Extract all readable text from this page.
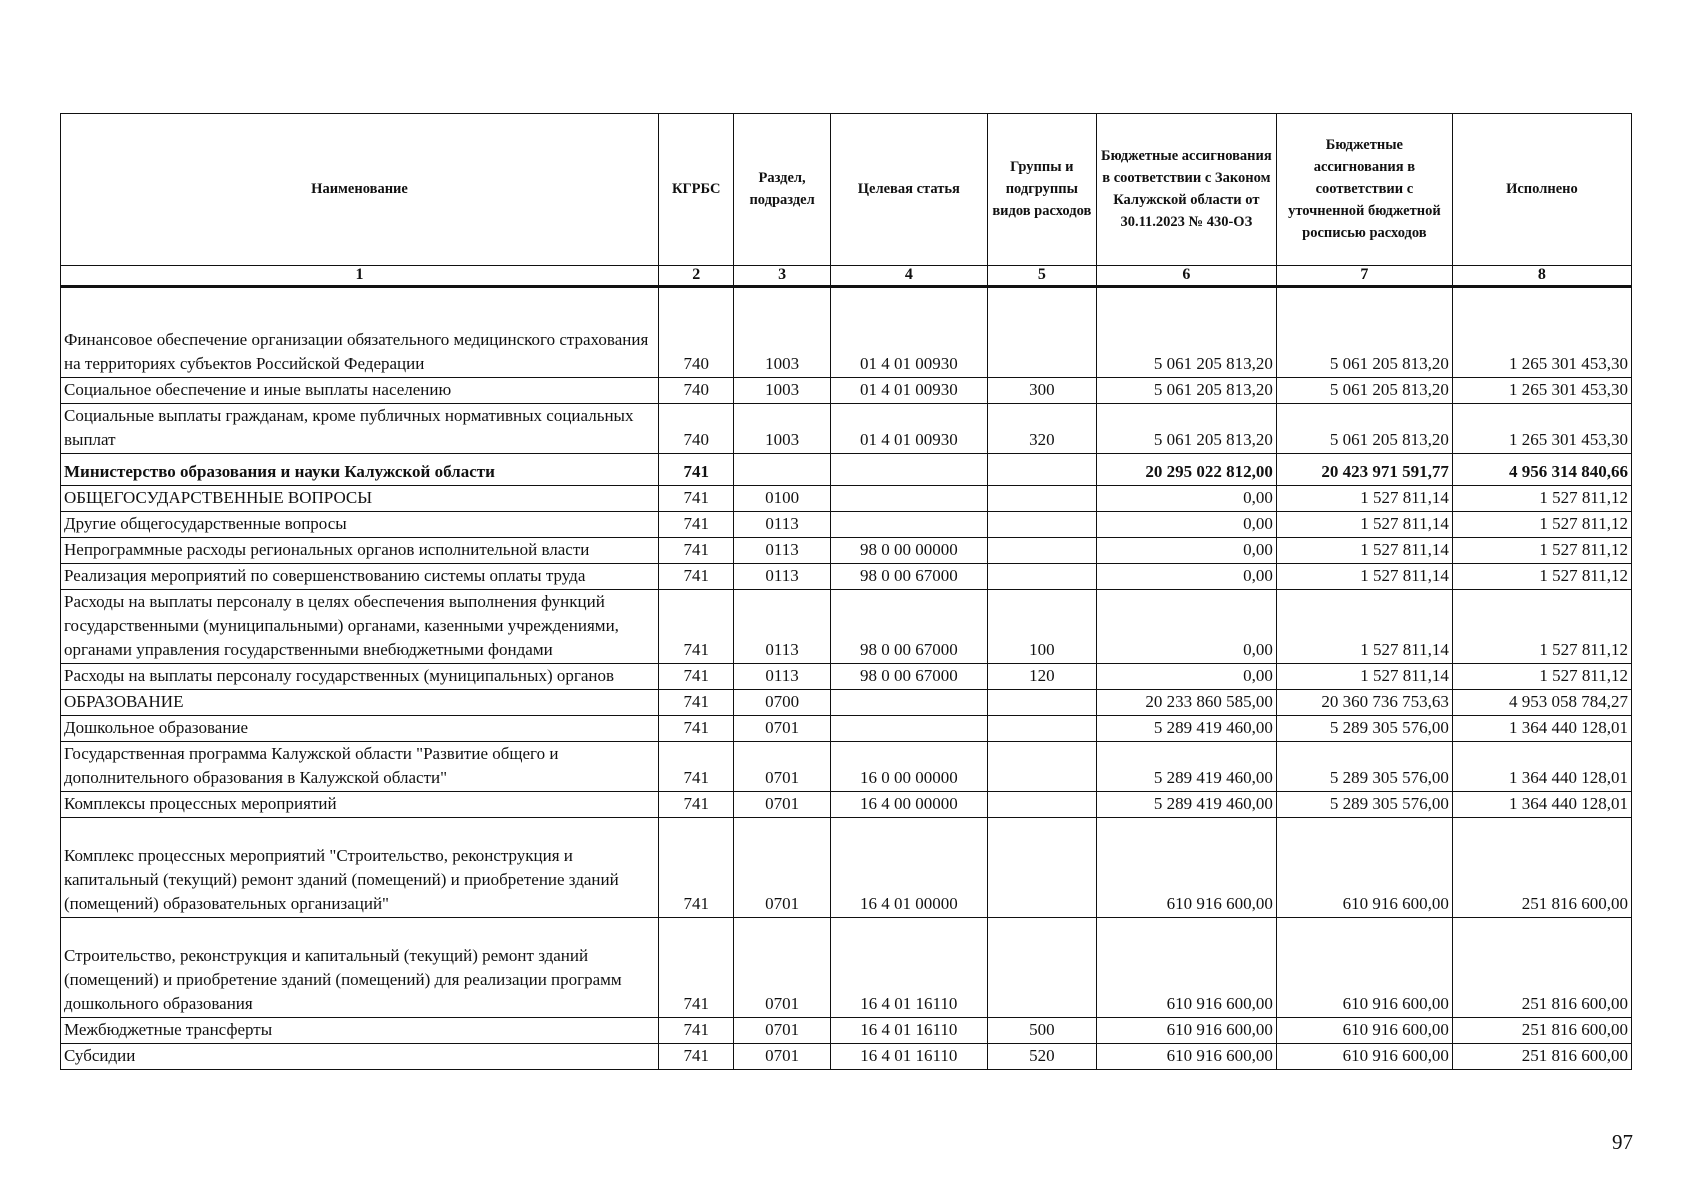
Наименование	КГРБС	Раздел, подраздел	Целевая статья	Группы и подгруппы видов расходов	Бюджетные ассигнования в соответствии с Законом Калужской области от 30.11.2023 № 430-ОЗ	Бюджетные ассигнования в соответствии с уточненной бюджетной росписью расходов	Исполнено
1	2	3	4	5	6	7	8
Финансовое обеспечение организации обязательного медицинского страхования на территориях субъектов Российской Федерации	740	1003	01 4 01 00930		5 061 205 813,20	5 061 205 813,20	1 265 301 453,30
Социальное обеспечение и иные выплаты населению	740	1003	01 4 01 00930	300	5 061 205 813,20	5 061 205 813,20	1 265 301 453,30
Социальные выплаты гражданам, кроме публичных нормативных социальных выплат	740	1003	01 4 01 00930	320	5 061 205 813,20	5 061 205 813,20	1 265 301 453,30
Министерство образования и науки Калужской области	741				20 295 022 812,00	20 423 971 591,77	4 956 314 840,66
ОБЩЕГОСУДАРСТВЕННЫЕ ВОПРОСЫ	741	0100			0,00	1 527 811,14	1 527 811,12
Другие общегосударственные вопросы	741	0113			0,00	1 527 811,14	1 527 811,12
Непрограммные расходы региональных органов исполнительной власти	741	0113	98 0 00 00000		0,00	1 527 811,14	1 527 811,12
Реализация мероприятий по совершенствованию системы оплаты труда	741	0113	98 0 00 67000		0,00	1 527 811,14	1 527 811,12
Расходы на выплаты персоналу в целях обеспечения выполнения функций государственными (муниципальными) органами, казенными учреждениями, органами управления государственными внебюджетными фондами	741	0113	98 0 00 67000	100	0,00	1 527 811,14	1 527 811,12
Расходы на выплаты персоналу государственных (муниципальных) органов	741	0113	98 0 00 67000	120	0,00	1 527 811,14	1 527 811,12
ОБРАЗОВАНИЕ	741	0700			20 233 860 585,00	20 360 736 753,63	4 953 058 784,27
Дошкольное образование	741	0701			5 289 419 460,00	5 289 305 576,00	1 364 440 128,01
Государственная программа Калужской области "Развитие общего и дополнительного образования в Калужской области"	741	0701	16 0 00 00000		5 289 419 460,00	5 289 305 576,00	1 364 440 128,01
Комплексы процессных мероприятий	741	0701	16 4 00 00000		5 289 419 460,00	5 289 305 576,00	1 364 440 128,01
Комплекс процессных мероприятий "Строительство, реконструкция и капитальный (текущий) ремонт зданий (помещений) и приобретение зданий (помещений) образовательных организаций"	741	0701	16 4 01 00000		610 916 600,00	610 916 600,00	251 816 600,00
Строительство, реконструкция и капитальный (текущий) ремонт зданий (помещений) и приобретение зданий (помещений) для реализации программ дошкольного образования	741	0701	16 4 01 16110		610 916 600,00	610 916 600,00	251 816 600,00
Межбюджетные трансферты	741	0701	16 4 01 16110	500	610 916 600,00	610 916 600,00	251 816 600,00
Субсидии	741	0701	16 4 01 16110	520	610 916 600,00	610 916 600,00	251 816 600,00
97
